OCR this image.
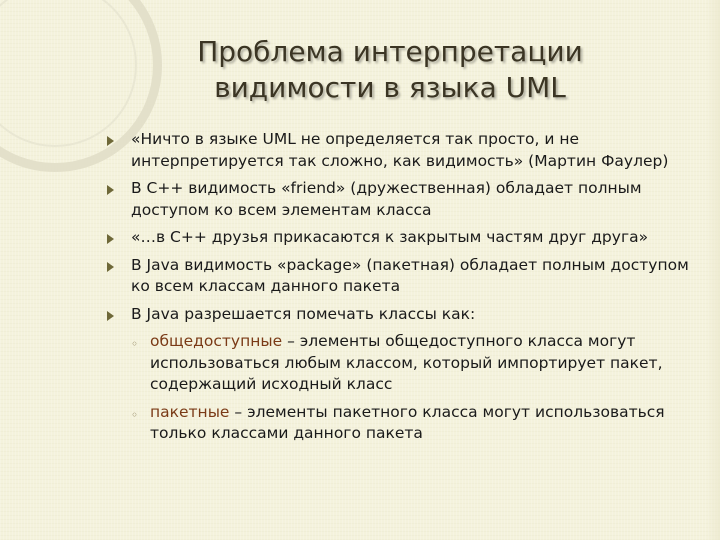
Проблема интерпретации
видимости в языка UML
«Ничто в языке UML не определяется так просто, и не интерпретируется так сложно, как видимость» (Мартин Фаулер)
В C++ видимость «friend» (дружественная) обладает полным доступом ко всем элементам класса
«…в C++ друзья прикасаются к закрытым частям друг друга»
В Java видимость «package» (пакетная) обладает полным доступом ко всем классам данного пакета
В Java разрешается помечать классы как:
◦ общедоступные – элементы общедоступного класса могут использоваться любым классом, который импортирует пакет, содержащий исходный класс
◦ пакетные – элементы пакетного класса могут использоваться только классами данного пакета
